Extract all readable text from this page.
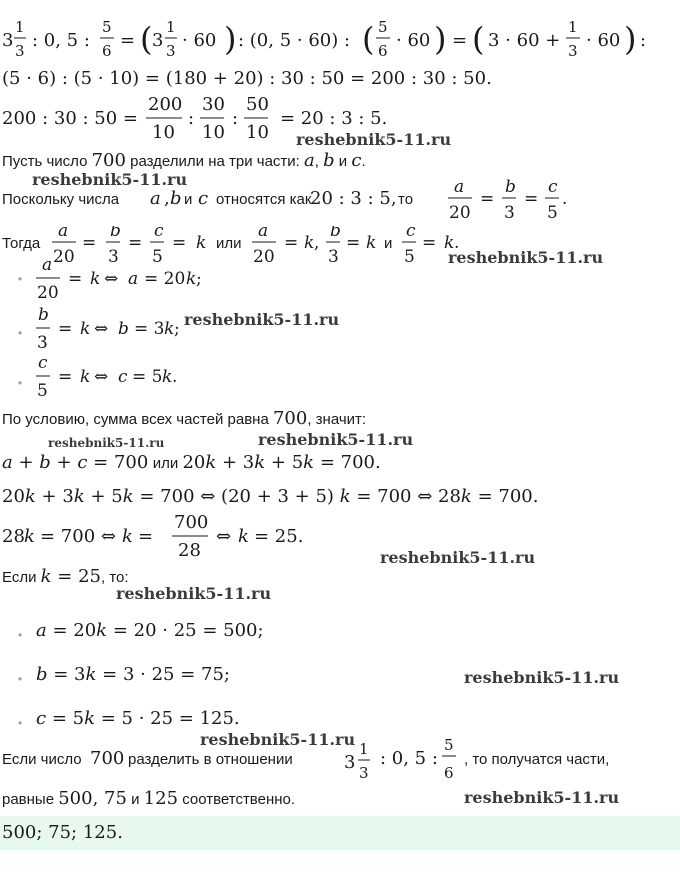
3
1
3 : 0, 5 :
5
6 = ( 3
1
3 · 60 ) : (0, 5 · 60) : ( 5
6 · 60 ) = ( 3 · 60 +
1
3 · 60 ) :
(5 · 6) : (5 · 10) = (180 + 20) : 30 : 50 = 200 : 30 : 50.
200 : 30 : 50 =
200
10
:
30
10
:
50
10
= 20 : 3 : 5.
reshebnik5-11.ru
Пусть число 700 разделили на три части: a, b и c.
reshebnik5-11.ru
Поскольку числа a , b и c относятся как
20 : 3 : 5, то
a
20
=
b
3
=
c
5
.
Тогда	или	и
a
20
=
b
3
=
c
5
= k
a
20
= k ,
b
3
= k
c
5
= k .
reshebnik5-11.ru
•
a
20
= k ⇔ a = 20 k ;
•
b
3
= k ⇔ b = 3 k ; reshebnik5-11.ru
•
c
5
= k ⇔ c = 5 k .
По условию, сумма всех частей равна 700, значит:
reshebnik5-11.ru	reshebnik5-11.ru
a + b + c = 700 или 20k + 3k + 5k = 700.
20k + 3k + 5k = 700 ⇔ (20 + 3 + 5) k = 700 ⇔ 28k = 700.
28 k = 700 ⇔ k =
700
28
⇔ k = 25.
reshebnik5-11.ru
Если k = 25, то:
reshebnik5-11.ru
• a = 20k = 20 · 25 = 500;
• b = 3k = 3 · 25 = 75;	reshebnik5-11.ru
• c = 5k = 5 · 25 = 125.
reshebnik5-11.ru
Если число	разделить в отношении	, то получатся части,
700	3
1
3
: 0, 5 :
5
6
равные 500, 75 и 125 соответственно.	reshebnik5-11.ru
500; 75; 125.
